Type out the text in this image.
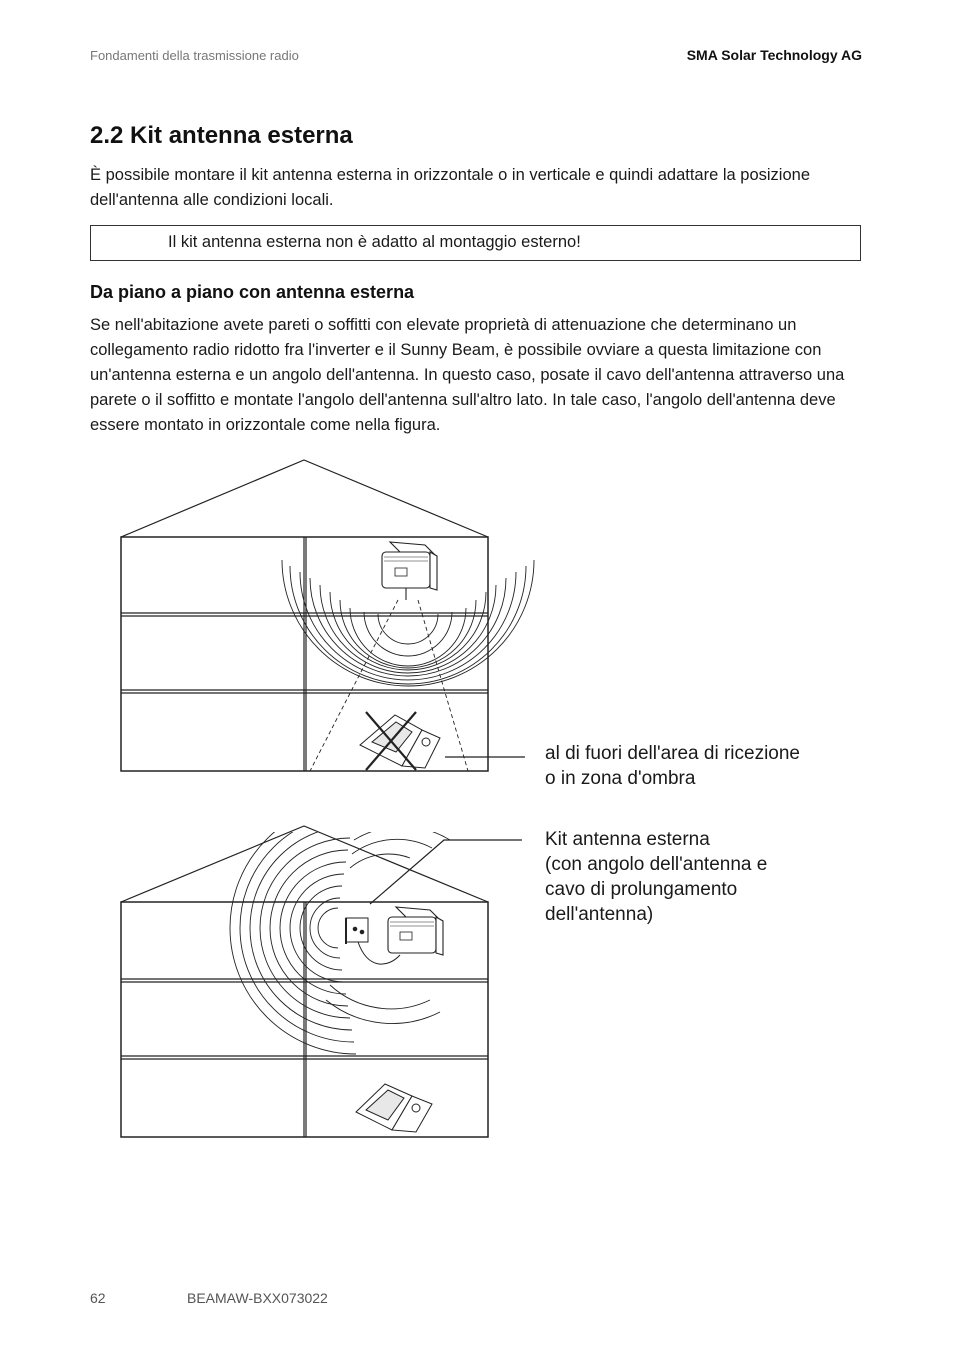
Fondamenti della trasmissione radio	SMA Solar Technology AG
2.2 Kit antenna esterna
È possibile montare il kit antenna esterna in orizzontale o in verticale e quindi adattare la posizione dell'antenna alle condizioni locali.
Il kit antenna esterna non è adatto al montaggio esterno!
Da piano a piano con antenna esterna
Se nell'abitazione avete pareti o soffitti con elevate proprietà di attenuazione che determinano un collegamento radio ridotto fra l'inverter e il Sunny Beam, è possibile ovviare a questa limitazione con un'antenna esterna e un angolo dell'antenna. In questo caso, posate il cavo dell'antenna attraverso una parete o il soffitto e montate l'angolo dell'antenna sull'altro lato. In tale caso, l'angolo dell'antenna deve essere montato in orizzontale come nella figura.
al di fuori dell'area di ricezione
o in zona d'ombra
Kit antenna esterna
(con angolo dell'antenna e
cavo di prolungamento
dell'antenna)
62	BEAMAW-BXX073022
